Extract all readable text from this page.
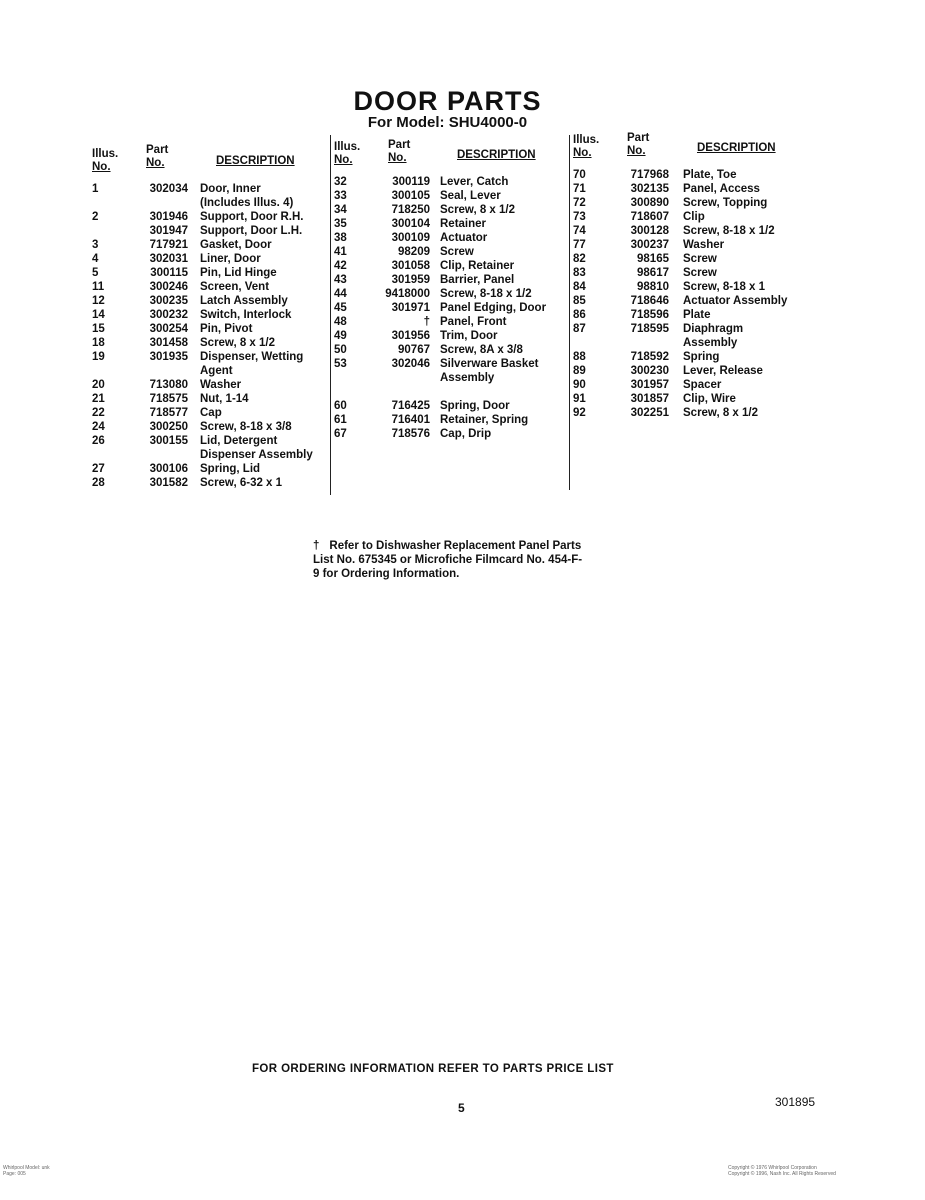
DOOR PARTS
For Model: SHU4000-0
Illus.
No.
Part
No.	DESCRIPTION
1	302034 Door, Inner
(Includes Illus. 4)
2	301946 Support, Door R.H.
301947 Support, Door L.H.
3	717921 Gasket, Door
4	302031 Liner, Door
5	300115 Pin, Lid Hinge
11	300246 Screen, Vent
12	300235 Latch Assembly
14	300232 Switch, Interlock
15	300254 Pin, Pivot
18	301458 Screw, 8 x 1/2
19	301935 Dispenser, Wetting
Agent
20	713080 Washer
21	718575 Nut, 1-14
22	718577 Cap
24	300250 Screw, 8-18 x 3/8
26	300155 Lid, Detergent
Dispenser Assembly
27	300106 Spring, Lid
28	301582 Screw, 6-32 x 1
Illus.
No.
Part
No.	DESCRIPTION
32	300119 Lever, Catch
33	300105 Seal, Lever
34	718250 Screw, 8 x 1/2
35	300104 Retainer
38	300109 Actuator
41	98209 Screw
42	301058 Clip, Retainer
43	301959 Barrier, Panel
44	9418000 Screw, 8-18 x 1/2
45	301971 Panel Edging, Door
48	† Panel, Front
49	301956 Trim, Door
50	90767 Screw, 8A x 3/8
53	302046 Silverware Basket
Assembly
60	716425 Spring, Door
61	716401 Retainer, Spring
67	718576 Cap, Drip
Illus.
No.
Part
No.	DESCRIPTION
70	717968 Plate, Toe
71	302135 Panel, Access
72	300890 Screw, Topping
73	718607 Clip
74	300128 Screw, 8-18 x 1/2
77	300237 Washer
82	98165 Screw
83	98617 Screw
84	98810 Screw, 8-18 x 1
85	718646 Actuator Assembly
86	718596 Plate
87	718595 Diaphragm
Assembly
88	718592 Spring
89	300230 Lever, Release
90	301957 Spacer
91	301857 Clip, Wire
92	302251 Screw, 8 x 1/2
† Refer to Dishwasher Replacement Panel Parts List No. 675345 or Microfiche Filmcard No. 454-F-9 for Ordering Information.
FOR ORDERING INFORMATION REFER TO PARTS PRICE LIST
5	301895
Whirlpool Model: unk
Page: 005
Copyright © 1976 Whirlpool Corporation
Copyright © 1996, Nash Inc. All Rights Reserved
